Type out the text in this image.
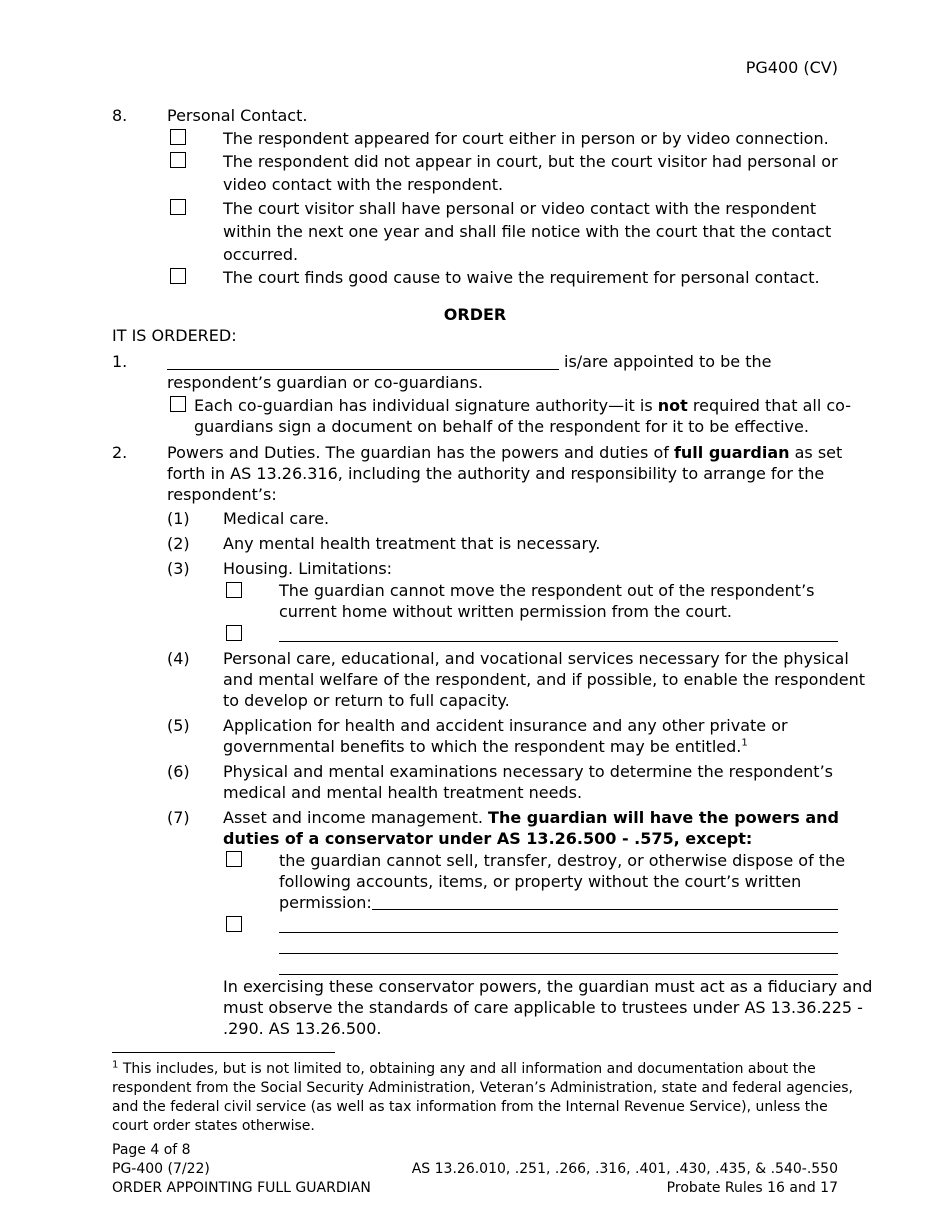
PG400 (CV)
8. Personal Contact.
The respondent appeared for court either in person or by video connection.
The respondent did not appear in court, but the court visitor had personal or
video contact with the respondent.
The court visitor shall have personal or video contact with the respondent
within the next one year and shall file notice with the court that the contact
occurred.
The court finds good cause to waive the requirement for personal contact.
ORDER
IT IS ORDERED:
1.	is/are appointed to be the
respondent’s guardian or co-guardians.
Each co-guardian has individual signature authority—it is not required that all co-
guardians sign a document on behalf of the respondent for it to be effective.
2. Powers and Duties. The guardian has the powers and duties of full guardian as set
forth in AS 13.26.316, including the authority and responsibility to arrange for the
respondent’s:
(1) Medical care.
(2) Any mental health treatment that is necessary.
(3) Housing. Limitations:
The guardian cannot move the respondent out of the respondent’s
current home without written permission from the court.
(4) Personal care, educational, and vocational services necessary for the physical
and mental welfare of the respondent, and if possible, to enable the respondent
to develop or return to full capacity.
(5) Application for health and accident insurance and any other private or
governmental benefits to which the respondent may be entitled.$^1$
(6) Physical and mental examinations necessary to determine the respondent’s
medical and mental health treatment needs.
(7) Asset and income management. The guardian will have the powers and
duties of a conservator under AS 13.26.500 - .575, except:
the guardian cannot sell, transfer, destroy, or otherwise dispose of the
following accounts, items, or property without the court’s written
permission:
In exercising these conservator powers, the guardian must act as a fiduciary and
must observe the standards of care applicable to trustees under AS 13.36.225 -
.290. AS 13.26.500.
$^1$ This includes, but is not limited to, obtaining any and all information and documentation about the
respondent from the Social Security Administration, Veteran’s Administration, state and federal agencies,
and the federal civil service (as well as tax information from the Internal Revenue Service), unless the
court order states otherwise.
Page 4 of 8
PG-400 (7/22)
ORDER APPOINTING FULL GUARDIAN
AS 13.26.010, .251, .266, .316, .401, .430, .435, & .540-.550
Probate Rules 16 and 17
